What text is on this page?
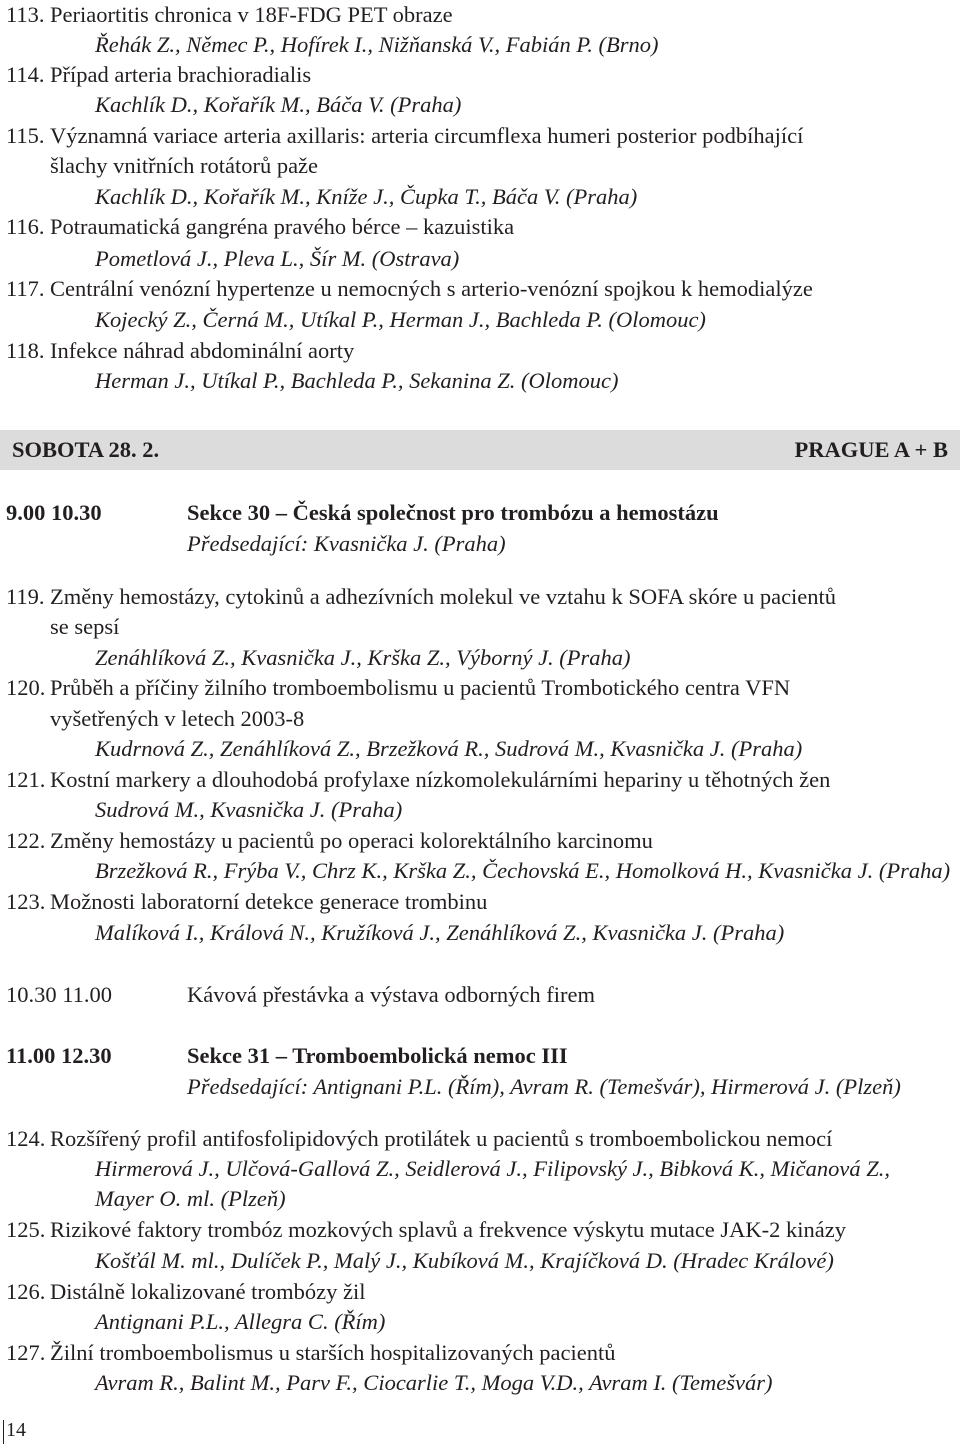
113. Periaortitis chronica v 18F-FDG PET obraze
Řehák Z., Němec P., Hofírek I., Nižňanská V., Fabián P. (Brno)
114. Případ arteria brachioradialis
Kachlík D., Kořařík M., Báča V. (Praha)
115. Významná variace arteria axillaris: arteria circumflexa humeri posterior podbíhající
šlachy vnitřních rotátorů paže
Kachlík D., Kořařík M., Kníže J., Čupka T., Báča V. (Praha)
116. Potraumatická gangréna pravého bérce – kazuistika
Pometlová J., Pleva L., Šír M. (Ostrava)
117. Centrální venózní hypertenze u nemocných s arterio-venózní spojkou k hemodialýze
Kojecký Z., Černá M., Utíkal P., Herman J., Bachleda P. (Olomouc)
118. Infekce náhrad abdominální aorty
Herman J., Utíkal P., Bachleda P., Sekanina Z. (Olomouc)
SOBOTA 28. 2.	PRAGUE A + B
9.00 10.30	Sekce 30 – Česká společnost pro trombózu a hemostázu
Předsedající: Kvasnička J. (Praha)
119. Změny hemostázy, cytokinů a adhezívních molekul ve vztahu k SOFA skóre u pacientů
se sepsí
Zenáhlíková Z., Kvasnička J., Krška Z., Výborný J. (Praha)
120. Průběh a příčiny žilního tromboembolismu u pacientů Trombotického centra VFN
vyšetřených v letech 2003-8
Kudrnová Z., Zenáhlíková Z., Brzežková R., Sudrová M., Kvasnička J. (Praha)
121. Kostní markery a dlouhodobá profylaxe nízkomolekulárními hepariny u těhotných žen
Sudrová M., Kvasnička J. (Praha)
122. Změny hemostázy u pacientů po operaci kolorektálního karcinomu
Brzežková R., Frýba V., Chrz K., Krška Z., Čechovská E., Homolková H., Kvasnička J. (Praha)
123. Možnosti laboratorní detekce generace trombinu
Malíková I., Králová N., Kružíková J., Zenáhlíková Z., Kvasnička J. (Praha)
10.30 11.00	Kávová přestávka a výstava odborných firem
11.00 12.30	Sekce 31 – Tromboembolická nemoc III
Předsedající: Antignani P.L. (Řím), Avram R. (Temešvár), Hirmerová J. (Plzeň)
124. Rozšířený profil antifosfolipidových protilátek u pacientů s tromboembolickou nemocí
Hirmerová J., Ulčová-Gallová Z., Seidlerová J., Filipovský J., Bibková K., Mičanová Z.,
Mayer O. ml. (Plzeň)
125. Rizikové faktory trombóz mozkových splavů a frekvence výskytu mutace JAK-2 kinázy
Košťál M. ml., Dulíček P., Malý J., Kubíková M., Krajíčková D. (Hradec Králové)
126. Distálně lokalizované trombózy žil
Antignani P.L., Allegra C. (Řím)
127. Žilní tromboembolismus u starších hospitalizovaných pacientů
Avram R., Balint M., Parv F., Ciocarlie T., Moga V.D., Avram I. (Temešvár)
14
